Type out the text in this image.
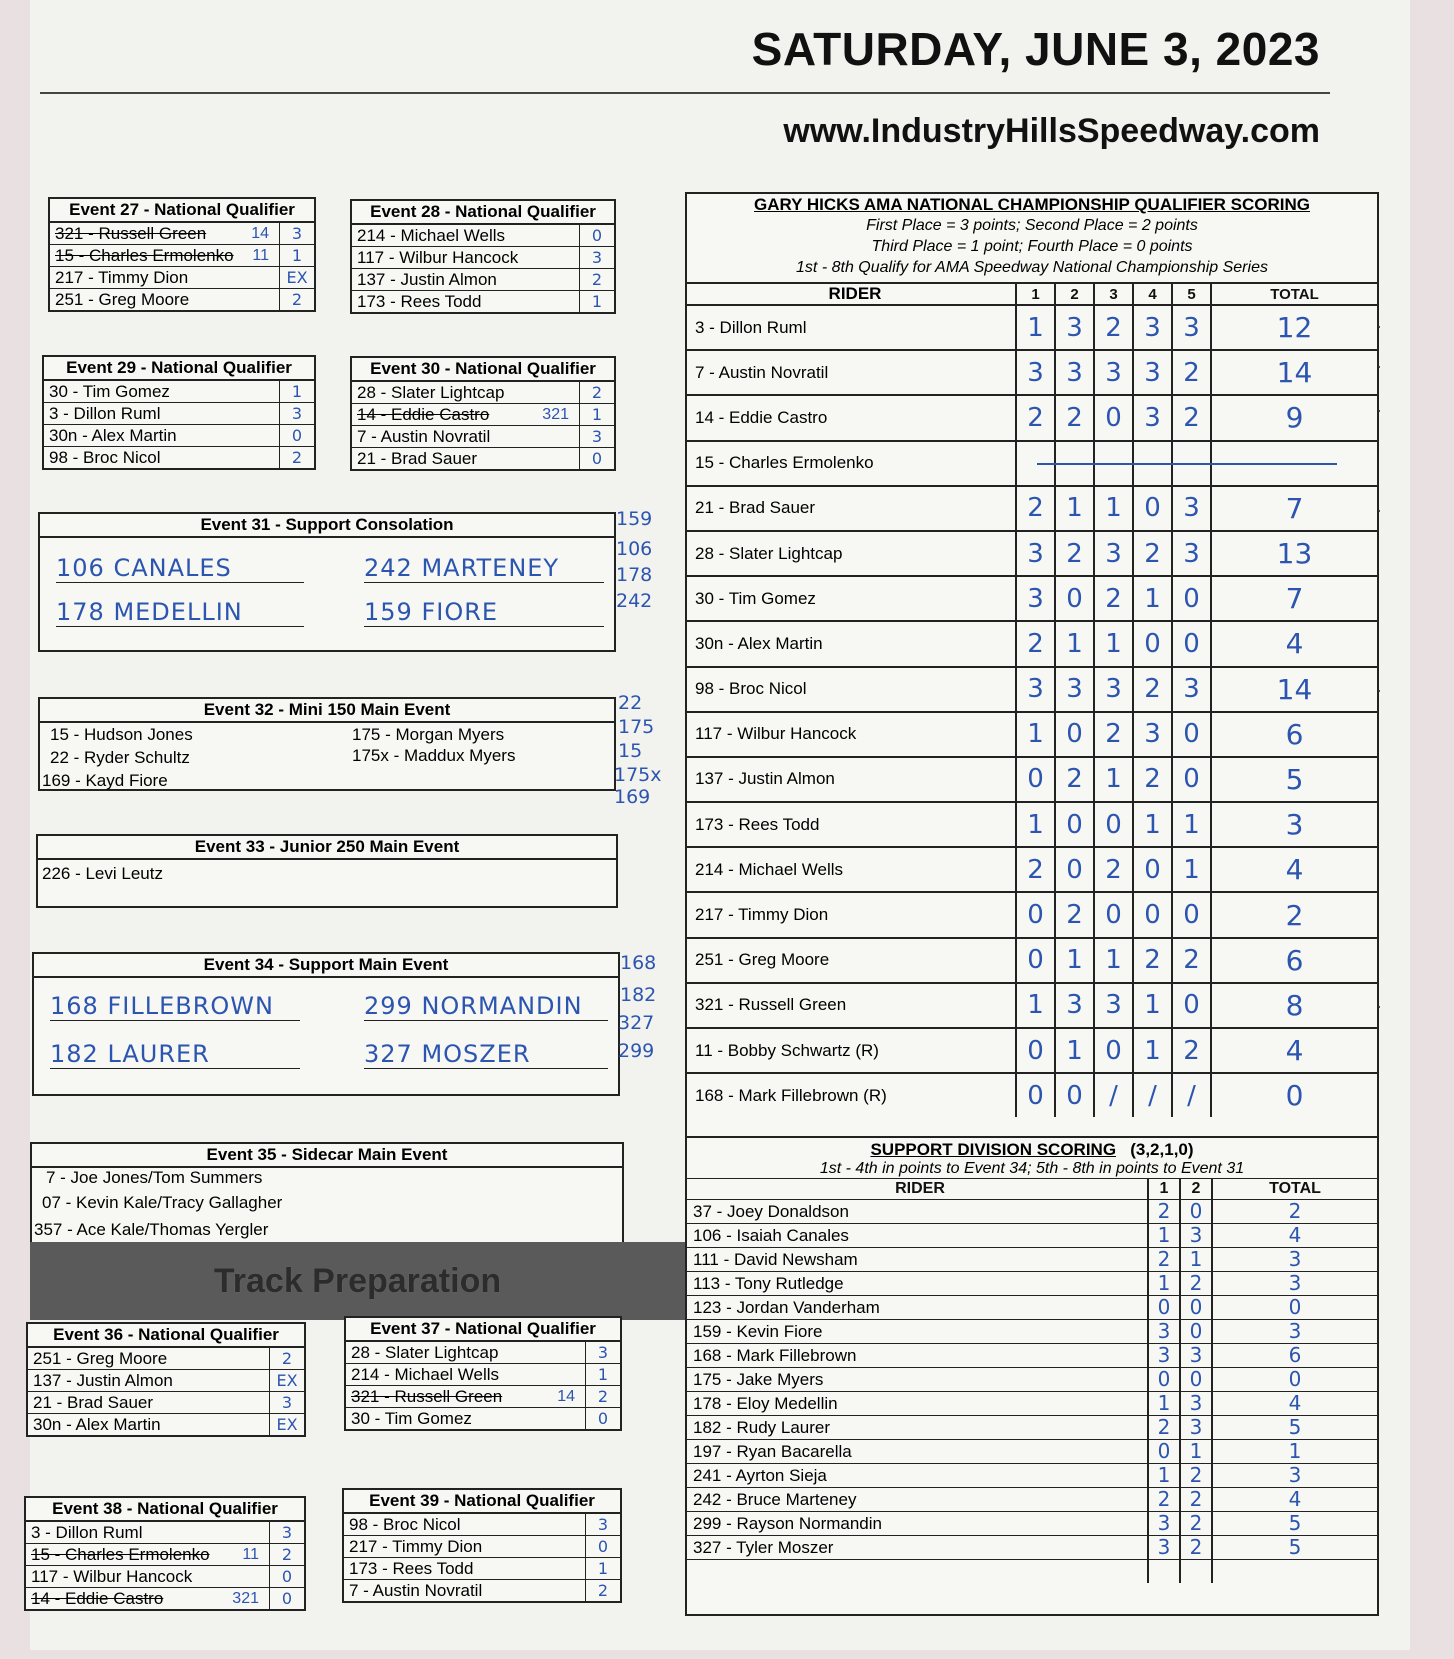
SATURDAY, JUNE 3, 2023
www.IndustryHillsSpeedway.com
Event 27 - National Qualifier
321 - Russell Green	14	3
15 - Charles Ermolenko 11	1
217 - Timmy Dion	EX
251 - Greg Moore	2
Event 28 - National Qualifier
214 - Michael Wells	0
117 - Wilbur Hancock	3
137 - Justin Almon	2
173 - Rees Todd	1
Event 29 - National Qualifier
30 - Tim Gomez	1
3 - Dillon Ruml	3
30n - Alex Martin	0
98 - Broc Nicol	2
Event 30 - National Qualifier
28 - Slater Lightcap	2
14 - Eddie Castro	321	1
7 - Austin Novratil	3
21 - Brad Sauer	0
Event 31 - Support Consolation
106 CANALES	242 MARTENEY
178 MEDELLIN	159 FIORE
159
106
178
242
Event 32 - Mini 150 Main Event
15 - Hudson Jones	175 - Morgan Myers
22 - Ryder Schultz	175x - Maddux Myers
169 - Kayd Fiore
22
175
15
175x
169
Event 33 - Junior 250 Main Event
226 - Levi Leutz
Event 34 - Support Main Event
168 FILLEBROWN	299 NORMANDIN
182 LAURER	327 MOSZER
168
182
327
299
Event 35 - Sidecar Main Event
7 - Joe Jones/Tom Summers
07 - Kevin Kale/Tracy Gallagher
357 - Ace Kale/Thomas Yergler
Track Preparation
Event 36 - National Qualifier
251 - Greg Moore	2
137 - Justin Almon	EX
21 - Brad Sauer	3
30n - Alex Martin	EX
Event 37 - National Qualifier
28 - Slater Lightcap	3
214 - Michael Wells	1
321 - Russell Green	14	2
30 - Tim Gomez	0
Event 38 - National Qualifier
3 - Dillon Ruml	3
15 - Charles Ermolenko 11	2
117 - Wilbur Hancock	0
14 - Eddie Castro	321	0
Event 39 - National Qualifier
98 - Broc Nicol	3
217 - Timmy Dion	0
173 - Rees Todd	1
7 - Austin Novratil	2
GARY HICKS AMA NATIONAL CHAMPIONSHIP QUALIFIER SCORING
First Place = 3 points; Second Place = 2 points
Third Place = 1 point; Fourth Place = 0 points
1st - 8th Qualify for AMA Speedway National Championship Series
RIDER	1	2	3	4	5	TOTAL
3 - Dillon Ruml	1 3 2 3 3	12
7 - Austin Novratil	3 3 3 3 2	14
14 - Eddie Castro	2 2 0 3 2	9
15 - Charles Ermolenko
21 - Brad Sauer	2 1 1 0 3	7
28 - Slater Lightcap	3 2 3 2 3	13
30 - Tim Gomez	3 0 2 1 0	7
30n - Alex Martin	2 1 1 0 0	4
98 - Broc Nicol	3 3 3 2 3	14
117 - Wilbur Hancock	1 0 2 3 0	6
137 - Justin Almon	0 2 1 2 0	5
173 - Rees Todd	1 0 0 1 1	3
214 - Michael Wells	2 0 2 0 1	4
217 - Timmy Dion	0 2 0 0 0	2
251 - Greg Moore	0 1 1 2 2	6
321 - Russell Green	1 3 3 1 0	8
11 - Bobby Schwartz (R)	0 1 0 1 2	4
168 - Mark Fillebrown (R)	0 0	/	/	/	0
SUPPORT DIVISION SCORING (3,2,1,0)
1st - 4th in points to Event 34; 5th - 8th in points to Event 31
RIDER	1	2	TOTAL
37 - Joey Donaldson	2 0	2
106 - Isaiah Canales	1 3	4
111 - David Newsham	2 1	3
113 - Tony Rutledge	1 2	3
123 - Jordan Vanderham	0 0	0
159 - Kevin Fiore	3 0	3
168 - Mark Fillebrown	3 3	6
175 - Jake Myers	0 0	0
178 - Eloy Medellin	1 3	4
182 - Rudy Laurer	2 3	5
197 - Ryan Bacarella	0 1	1
241 - Ayrton Sieja	1 2	3
242 - Bruce Marteney	2 2	4
299 - Rayson Normandin	3 2	5
327 - Tyler Moszer	3 2	5
·
·
·
·
·
·
